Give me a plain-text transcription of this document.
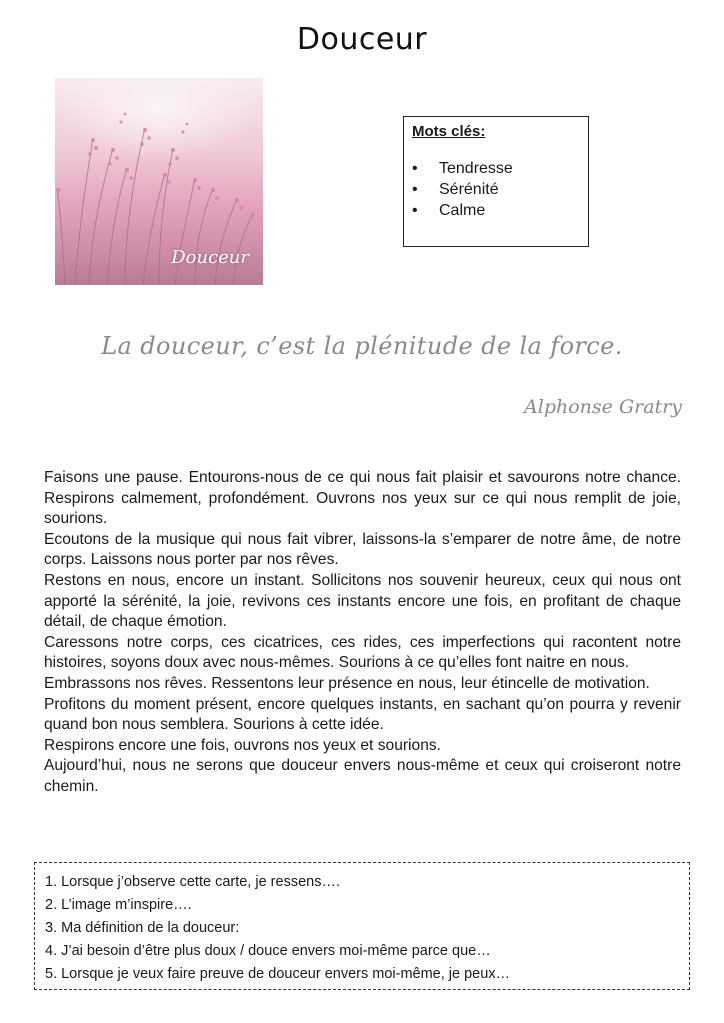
Douceur
Douceur
Mots clés:
• Tendresse
• Sérénité
• Calme
La douceur, c’est la plénitude de la force.
Alphonse Gratry

Faisons une pause. Entourons-nous de ce qui nous fait plaisir et savourons notre chance. Respirons calmement, profondément. Ouvrons nos yeux sur ce qui nous remplit de joie, sourions.

Ecoutons de la musique qui nous fait vibrer, laissons-la s’emparer de notre âme, de notre corps. Laissons nous porter par nos rêves.

Restons en nous, encore un instant. Sollicitons nos souvenir heureux, ceux qui nous ont apporté la sérénité, la joie, revivons ces instants encore une fois, en profitant de chaque détail, de chaque émotion.

Caressons notre corps, ces cicatrices, ces rides, ces imperfections qui racontent notre histoires, soyons doux avec nous-mêmes. Sourions à ce qu’elles font naitre en nous.

Embrassons nos rêves. Ressentons leur présence en nous, leur étincelle de motivation.

Profitons du moment présent, encore quelques instants, en sachant qu’on pourra y revenir quand bon nous semblera. Sourions à cette idée.

Respirons encore une fois, ouvrons nos yeux et sourions.

Aujourd’hui, nous ne serons que douceur envers nous-même et ceux qui croiseront notre chemin.

1. Lorsque j’observe cette carte, je ressens….
2. L’image m’inspire….
3. Ma définition de la douceur:
4. J’ai besoin d’être plus doux / douce envers moi-même parce que…
5. Lorsque je veux faire preuve de douceur envers moi-même, je peux…
